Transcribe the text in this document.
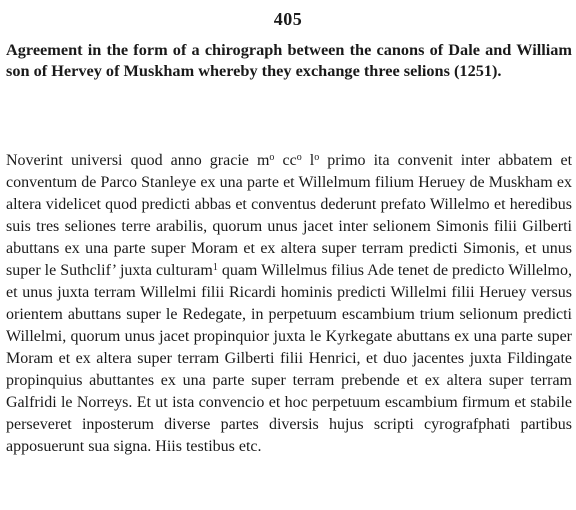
405
Agreement in the form of a chirograph between the canons of Dale and William son of Hervey of Muskham whereby they exchange three selions (1251).
Noverint universi quod anno gracie $m^o$ $cc^o$ $l^o$ primo ita convenit inter abbatem et conventum de Parco Stanleye ex una parte et Willelmum filium Heruey de Muskham ex altera videlicet quod predicti abbas et conventus dederunt prefato Willelmo et heredibus suis tres seliones terre arabilis, quorum unus jacet inter selionem Simonis filii Gilberti abuttans ex una parte super Moram et ex altera super terram predicti Simonis, et unus super le Suthclif’ juxta culturam$^1$ quam Willelmus filius Ade tenet de predicto Willelmo, et unus juxta terram Willelmi filii Ricardi hominis predicti Willelmi filii Heruey versus orientem abuttans super le Redegate, in perpetuum escambium trium selionum predicti Willelmi, quorum unus jacet propinquior juxta le Kyrkegate abuttans ex una parte super Moram et ex altera super terram Gilberti filii Henrici, et duo jacentes juxta Fildingate propinquius abuttantes ex una parte super terram prebende et ex altera super terram Galfridi le Norreys. Et ut ista convencio et hoc perpetuum escambium firmum et stabile perseveret inposterum diverse partes diversis hujus scripti cyrografphati partibus apposuerunt sua signa. Hiis testibus etc.
